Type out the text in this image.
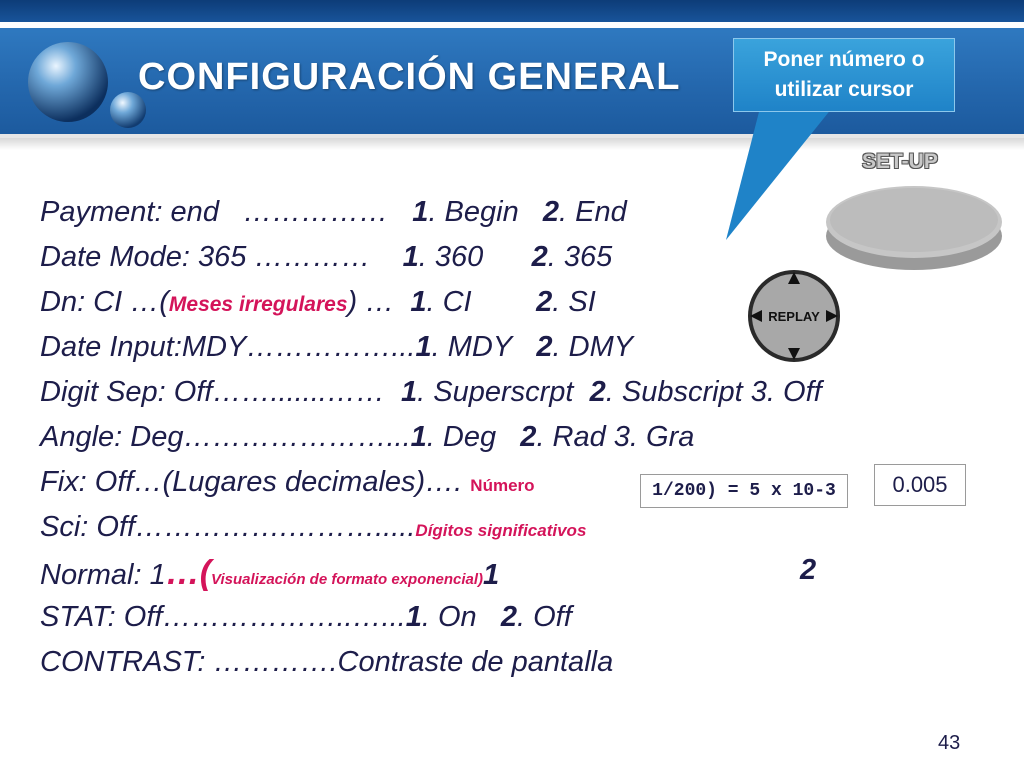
CONFIGURACIÓN GENERAL	Poner número o
utilizar cursor
SET-UP
REPLAY
Payment: end …………… 1. Begin 2. End
Date Mode: 365 ………… 1. 360 2. 365
Dn: CI …(Meses irregulares) … 1. CI 2. SI
Date Input:MDY……………...1. MDY 2. DMY
Digit Sep: Off…….......…… 1. Superscrpt 2. Subscript 3. Off
Angle: Deg…………………...1. Deg 2. Rad 3. Gra
Fix: Off…(Lugares decimales)…. Número
Sci: Off…………….……….....Dígitos significativos
Normal: 1…(Visualización de formato exponencial)1	2
STAT: Off………………..…...1. On 2. Off
CONTRAST: ………….Contraste de pantalla
1/200) = 5 x 10-3	0.005
43
